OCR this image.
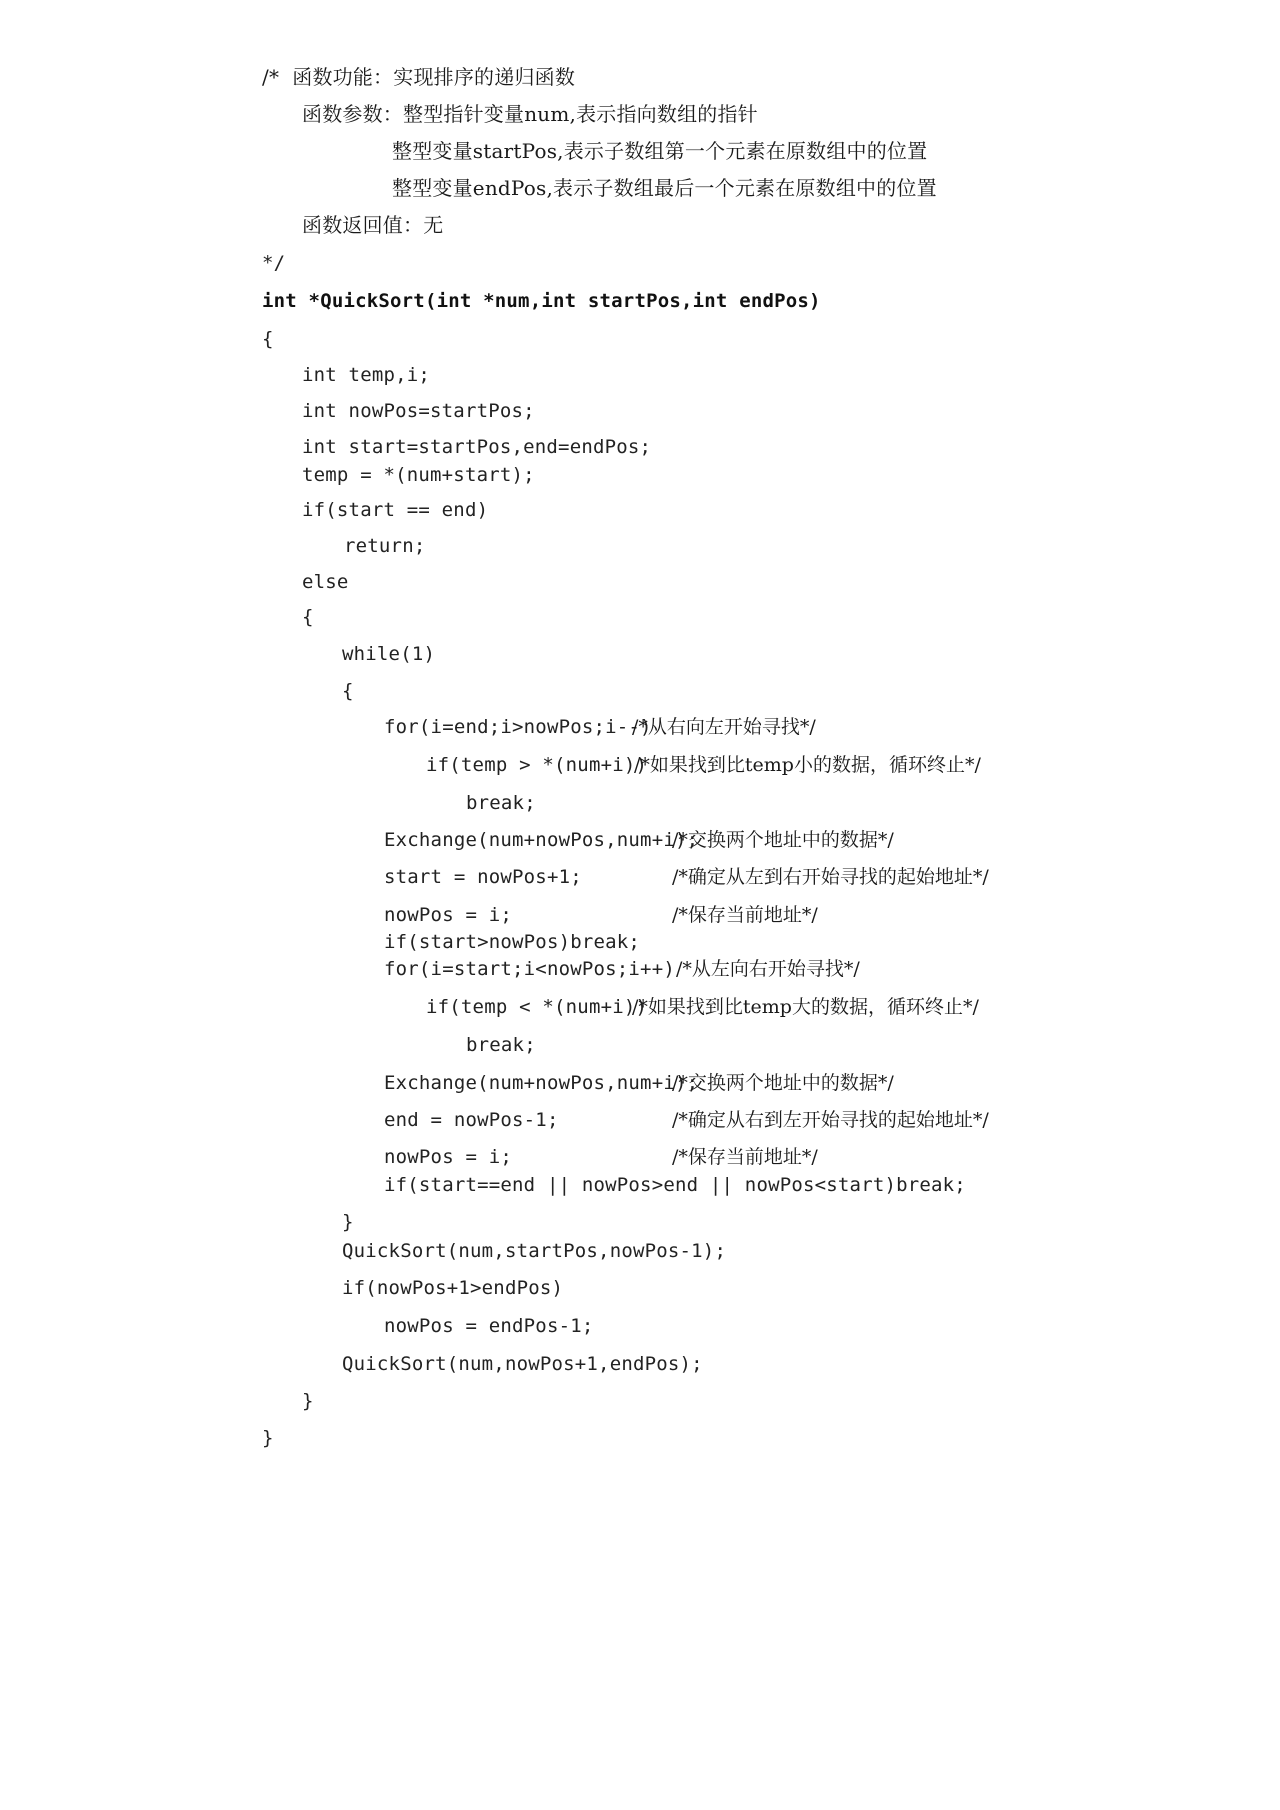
/*  函数功能：实现排序的递归函数
函数参数：整型指针变量num,表示指向数组的指针
整型变量startPos,表示子数组第一个元素在原数组中的位置
整型变量endPos,表示子数组最后一个元素在原数组中的位置
函数返回值：无
*/
int *QuickSort(int *num,int startPos,int endPos)
{
int temp,i;
int nowPos=startPos;
int start=startPos,end=endPos;
temp = *(num+start);
if(start == end)
return;
else
{
while(1)
{
for(i=end;i>nowPos;i--)
/*从右向左开始寻找*/
if(temp > *(num+i))
/*如果找到比temp小的数据，循环终止*/
break;
Exchange(num+nowPos,num+i);
/*交换两个地址中的数据*/
start = nowPos+1;	/*确定从左到右开始寻找的起始地址*/
nowPos = i;	/*保存当前地址*/
if(start>nowPos)break;
for(i=start;i<nowPos;i++) /*从左向右开始寻找*/
if(temp < *(num+i))
/*如果找到比temp大的数据，循环终止*/
break;
Exchange(num+nowPos,num+i);
/*交换两个地址中的数据*/
end = nowPos-1;	/*确定从右到左开始寻找的起始地址*/
nowPos = i;	/*保存当前地址*/
if(start==end || nowPos>end || nowPos<start)break;
}
QuickSort(num,startPos,nowPos-1);
if(nowPos+1>endPos)
nowPos = endPos-1;
QuickSort(num,nowPos+1,endPos);
}
}
